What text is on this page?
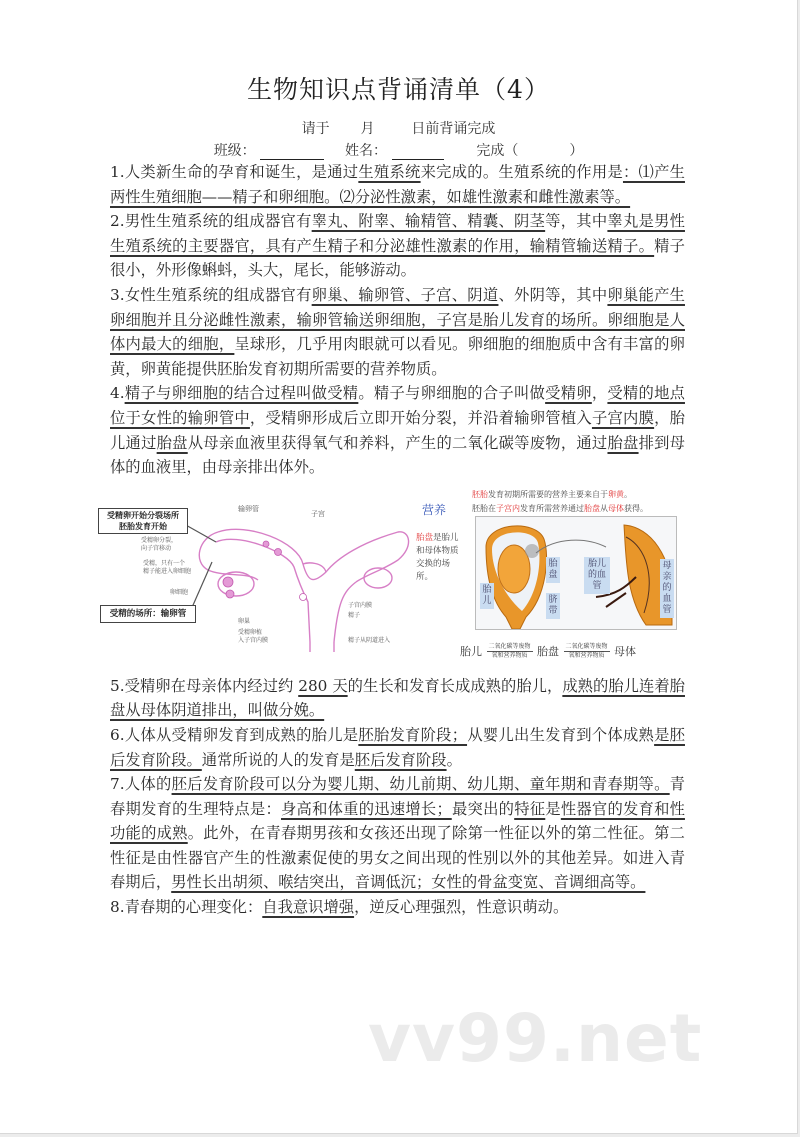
生物知识点背诵清单（4）
请于 月	日前背诵完成
班级：	姓名：	完成（	）

1.人类新生命的孕育和诞生，是通过生殖系统来完成的。生殖系统的作用是：⑴产生两性生殖细胞——精子和卵细胞。⑵分泌性激素，如雄性激素和雌性激素等。

2.男性生殖系统的组成器官有睾丸、附睾、输精管、精囊、阴茎等，其中睾丸是男性生殖系统的主要器官，具有产生精子和分泌雄性激素的作用，输精管输送精子。精子很小，外形像蝌蚪，头大，尾长，能够游动。

3.女性生殖系统的组成器官有卵巢、输卵管、子宫、阴道、外阴等，其中卵巢能产生卵细胞并且分泌雌性激素，输卵管输送卵细胞，子宫是胎儿发育的场所。卵细胞是人体内最大的细胞，呈球形，几乎用肉眼就可以看见。卵细胞的细胞质中含有丰富的卵黄，卵黄能提供胚胎发育初期所需要的营养物质。

4.精子与卵细胞的结合过程叫做受精。精子与卵细胞的合子叫做受精卵，受精的地点位于女性的输卵管中，受精卵形成后立即开始分裂，并沿着输卵管植入子宫内膜，胎儿通过胎盘从母亲血液里获得氧气和养料，产生的二氧化碳等废物，通过胎盘排到母体的血液里，由母亲排出体外。

受精卵开始分裂场所
胚胎发育开始
受精的场所：输卵管
输卵管
子宫
受精卵分裂，
向子宫移动
受精，只有一个
精子能进入卵细胞
卵细胞
卵巢
子宫内膜
精子
受精卵植
入子宫内膜	精子从阴道进入
营养
胚胎发育初期所需要的营养主要来自于卵黄。
胚胎在子宫内发育所需营养通过胎盘从母体获得。
胎盘是胎儿和母体物质交换的场所。
胎儿
胎盘
脐带
胎儿的血管
母亲的血管
胎儿 $\frac{\text{二氧化碳等废物}}{\text{氧和营养物质}}$ 胎盘 $\frac{\text{二氧化碳等废物}}{\text{氧和营养物质}}$ 母体

5.受精卵在母亲体内经过约 280 天的生长和发育长成成熟的胎儿，成熟的胎儿连着胎盘从母体阴道排出，叫做分娩。

6.人体从受精卵发育到成熟的胎儿是胚胎发育阶段；从婴儿出生发育到个体成熟是胚后发育阶段。通常所说的人的发育是胚后发育阶段。

7.人体的胚后发育阶段可以分为婴儿期、幼儿前期、幼儿期、童年期和青春期等。青春期发育的生理特点是：身高和体重的迅速增长；最突出的特征是性器官的发育和性功能的成熟。此外，在青春期男孩和女孩还出现了除第一性征以外的第二性征。第二性征是由性器官产生的性激素促使的男女之间出现的性别以外的其他差异。如进入青春期后，男性长出胡须、喉结突出，音调低沉；女性的骨盆变宽、音调细高等。

8.青春期的心理变化：自我意识增强，逆反心理强烈，性意识萌动。

vv99.net
